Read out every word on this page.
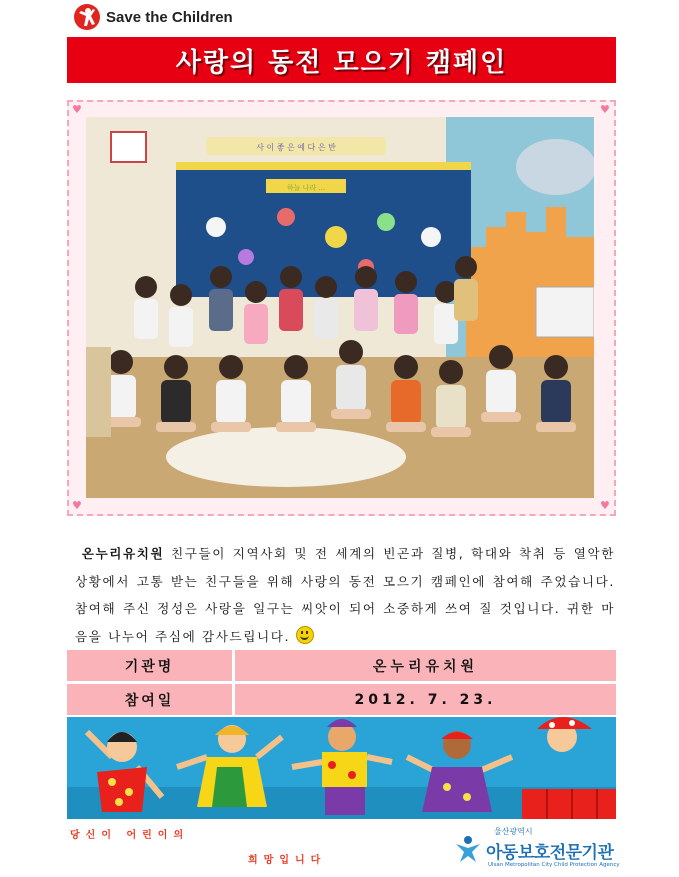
Save the Children
사랑의 동전 모으기 캠페인
♥	♥
♥	♥
하늘 나라 ...
사 이 좋 은 예 다 은 반
온누리유치원 친구들이 지역사회 및 전 세계의 빈곤과 질병, 학대와 착취 등 열악한 상황에서 고통 받는 친구들을 위해 사랑의 동전 모으기 캠페인에 참여해 주었습니다. 참여해 주신 정성은 사랑을 일구는 씨앗이 되어 소중하게 쓰여 질 것입니다. 귀한 마음을 나누어 주심에 감사드립니다.
기관명	온누리유치원
참여일	2012. 7. 23.
당신이 어린이의
희망입니다
울산광역시
아동보호전문기관
Ulsan Metropolitan City Child Protection Agency
